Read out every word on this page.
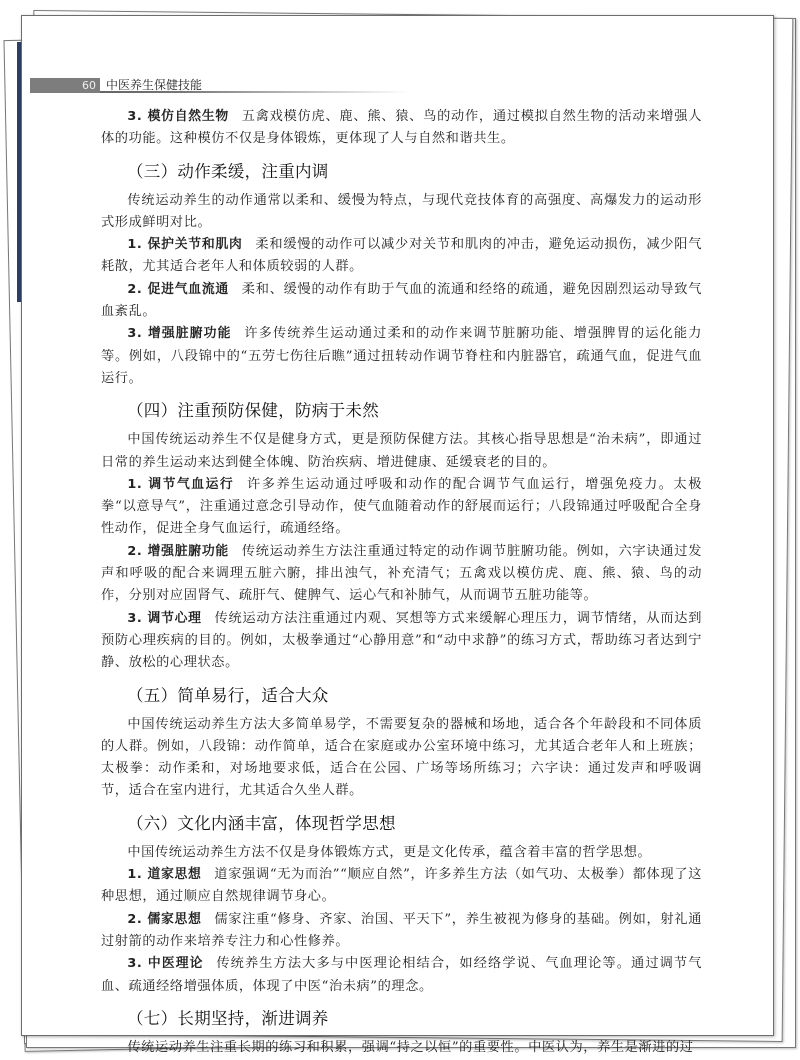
60 中医养生保健技能

3. 模仿自然生物 五禽戏模仿虎、鹿、熊、猿、鸟的动作，通过模拟自然生物的活动来增强人体的功能。这种模仿不仅是身体锻炼，更体现了人与自然和谐共生。

（三）动作柔缓，注重内调

传统运动养生的动作通常以柔和、缓慢为特点，与现代竞技体育的高强度、高爆发力的运动形式形成鲜明对比。

1. 保护关节和肌肉 柔和缓慢的动作可以减少对关节和肌肉的冲击，避免运动损伤，减少阳气耗散，尤其适合老年人和体质较弱的人群。

2. 促进气血流通 柔和、缓慢的动作有助于气血的流通和经络的疏通，避免因剧烈运动导致气血紊乱。

3. 增强脏腑功能 许多传统养生运动通过柔和的动作来调节脏腑功能、增强脾胃的运化能力等。例如，八段锦中的“五劳七伤往后瞧”通过扭转动作调节脊柱和内脏器官，疏通气血，促进气血运行。

（四）注重预防保健，防病于未然

中国传统运动养生不仅是健身方式，更是预防保健方法。其核心指导思想是“治未病”，即通过日常的养生运动来达到健全体魄、防治疾病、增进健康、延缓衰老的目的。

1. 调节气血运行 许多养生运动通过呼吸和动作的配合调节气血运行，增强免疫力。太极拳“以意导气”，注重通过意念引导动作，使气血随着动作的舒展而运行；八段锦通过呼吸配合全身性动作，促进全身气血运行，疏通经络。

2. 增强脏腑功能 传统运动养生方法注重通过特定的动作调节脏腑功能。例如，六字诀通过发声和呼吸的配合来调理五脏六腑，排出浊气，补充清气；五禽戏以模仿虎、鹿、熊、猿、鸟的动作，分别对应固肾气、疏肝气、健脾气、运心气和补肺气，从而调节五脏功能等。

3. 调节心理 传统运动方法注重通过内观、冥想等方式来缓解心理压力，调节情绪，从而达到预防心理疾病的目的。例如，太极拳通过“心静用意”和“动中求静”的练习方式，帮助练习者达到宁静、放松的心理状态。

（五）简单易行，适合大众

中国传统运动养生方法大多简单易学，不需要复杂的器械和场地，适合各个年龄段和不同体质的人群。例如，八段锦：动作简单，适合在家庭或办公室环境中练习，尤其适合老年人和上班族；太极拳：动作柔和，对场地要求低，适合在公园、广场等场所练习；六字诀：通过发声和呼吸调节，适合在室内进行，尤其适合久坐人群。

（六）文化内涵丰富，体现哲学思想

中国传统运动养生方法不仅是身体锻炼方式，更是文化传承，蕴含着丰富的哲学思想。

1. 道家思想 道家强调“无为而治”“顺应自然”，许多养生方法（如气功、太极拳）都体现了这种思想，通过顺应自然规律调节身心。

2. 儒家思想 儒家注重“修身、齐家、治国、平天下”，养生被视为修身的基础。例如，射礼通过射箭的动作来培养专注力和心性修养。

3. 中医理论 传统养生方法大多与中医理论相结合，如经络学说、气血理论等。通过调节气血、疏通经络增强体质，体现了中医“治未病”的理念。

（七）长期坚持，渐进调养

传统运动养生注重长期的练习和积累，强调“持之以恒”的重要性。中医认为，养生是渐进的过
